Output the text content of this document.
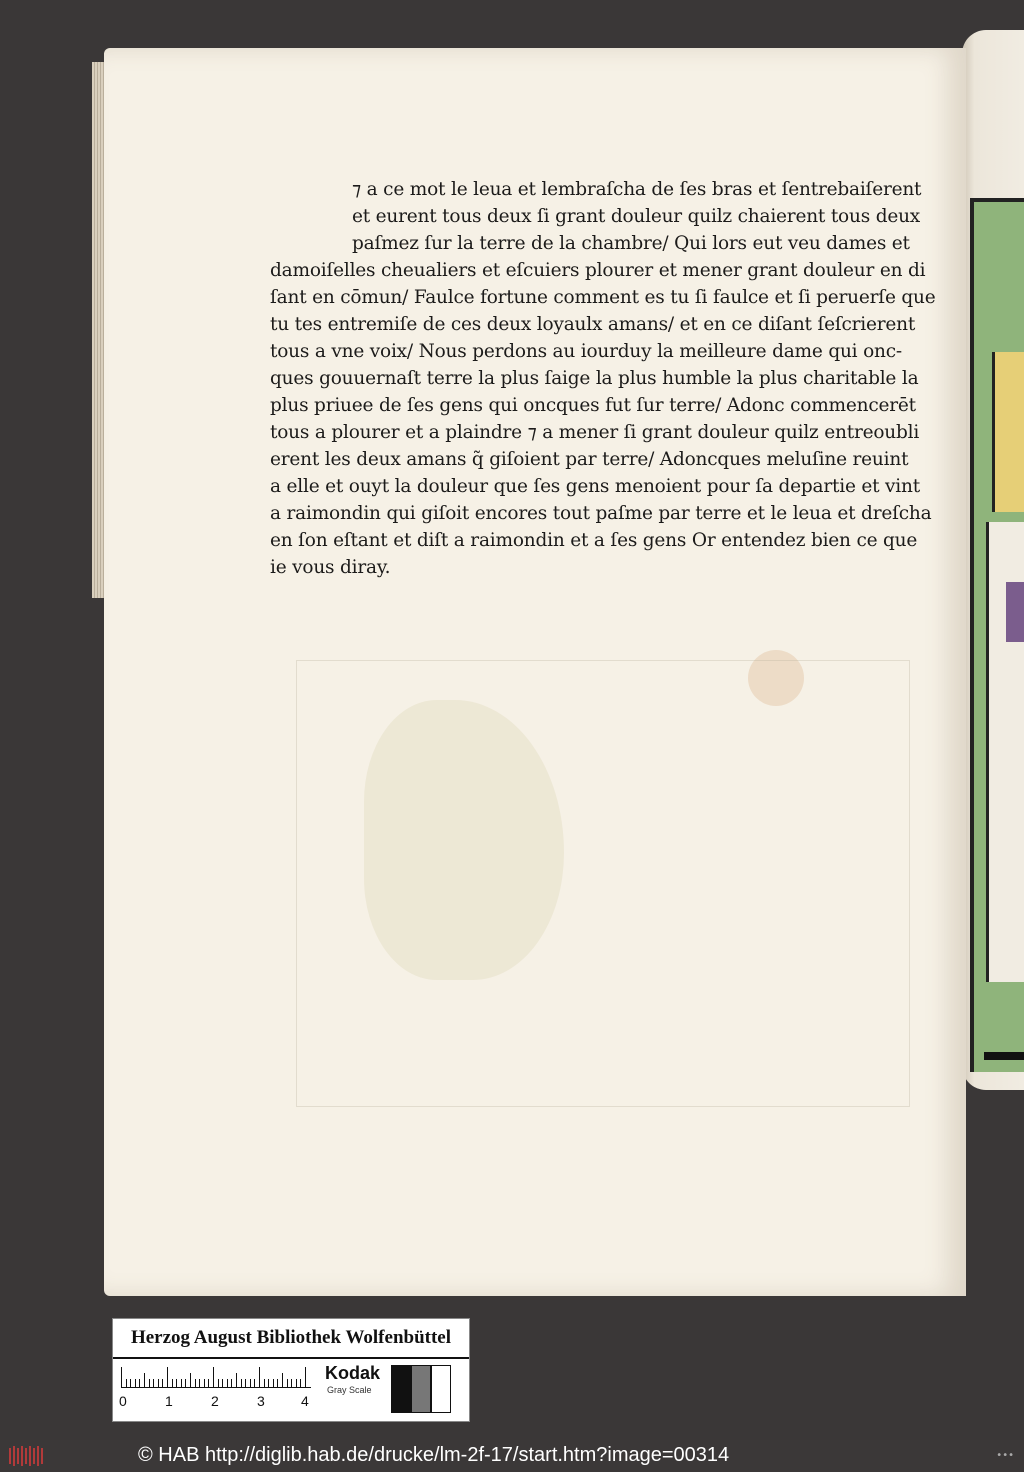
⁊ a ce mot le leua et lembraſcha de ſes bras et ſentrebaiſerent
et eurent tous deux ſi grant douleur quilz chaierent tous deux
paſmez ſur la terre de la chambre/ Qui lors eut veu dames et
damoiſelles cheualiers et eſcuiers plourer et mener grant douleur en di
ſant en cōmun/ Faulce fortune comment es tu ſi faulce et ſi peruerſe que
tu tes entremiſe de ces deux loyaulx amans/ et en ce diſant ſeſcrierent
tous a vne voix/ Nous perdons au iourduy la meilleure dame qui onc-
ques gouuernaſt terre la plus ſaige la plus humble la plus charitable la
plus priuee de ſes gens qui oncques fut ſur terre/ Adonc commencerēt
tous a plourer et a plaindre ⁊ a mener ſi grant douleur quilz entreoubli
erent les deux amans q̃ giſoient par terre/ Adoncques meluſine reuint
a elle et ouyt la douleur que ſes gens menoient pour ſa departie et vint
a raimondin qui giſoit encores tout paſme par terre et le leua et dreſcha
en ſon eſtant et diſt a raimondin et a ſes gens Or entendez bien ce que
ie vous diray.
Herzog August Bibliothek Wolfenbüttel
0	1	2	3	4
Kodak
Gray Scale
© HAB http://diglib.hab.de/drucke/lm-2f-17/start.htm?image=00314	•••
